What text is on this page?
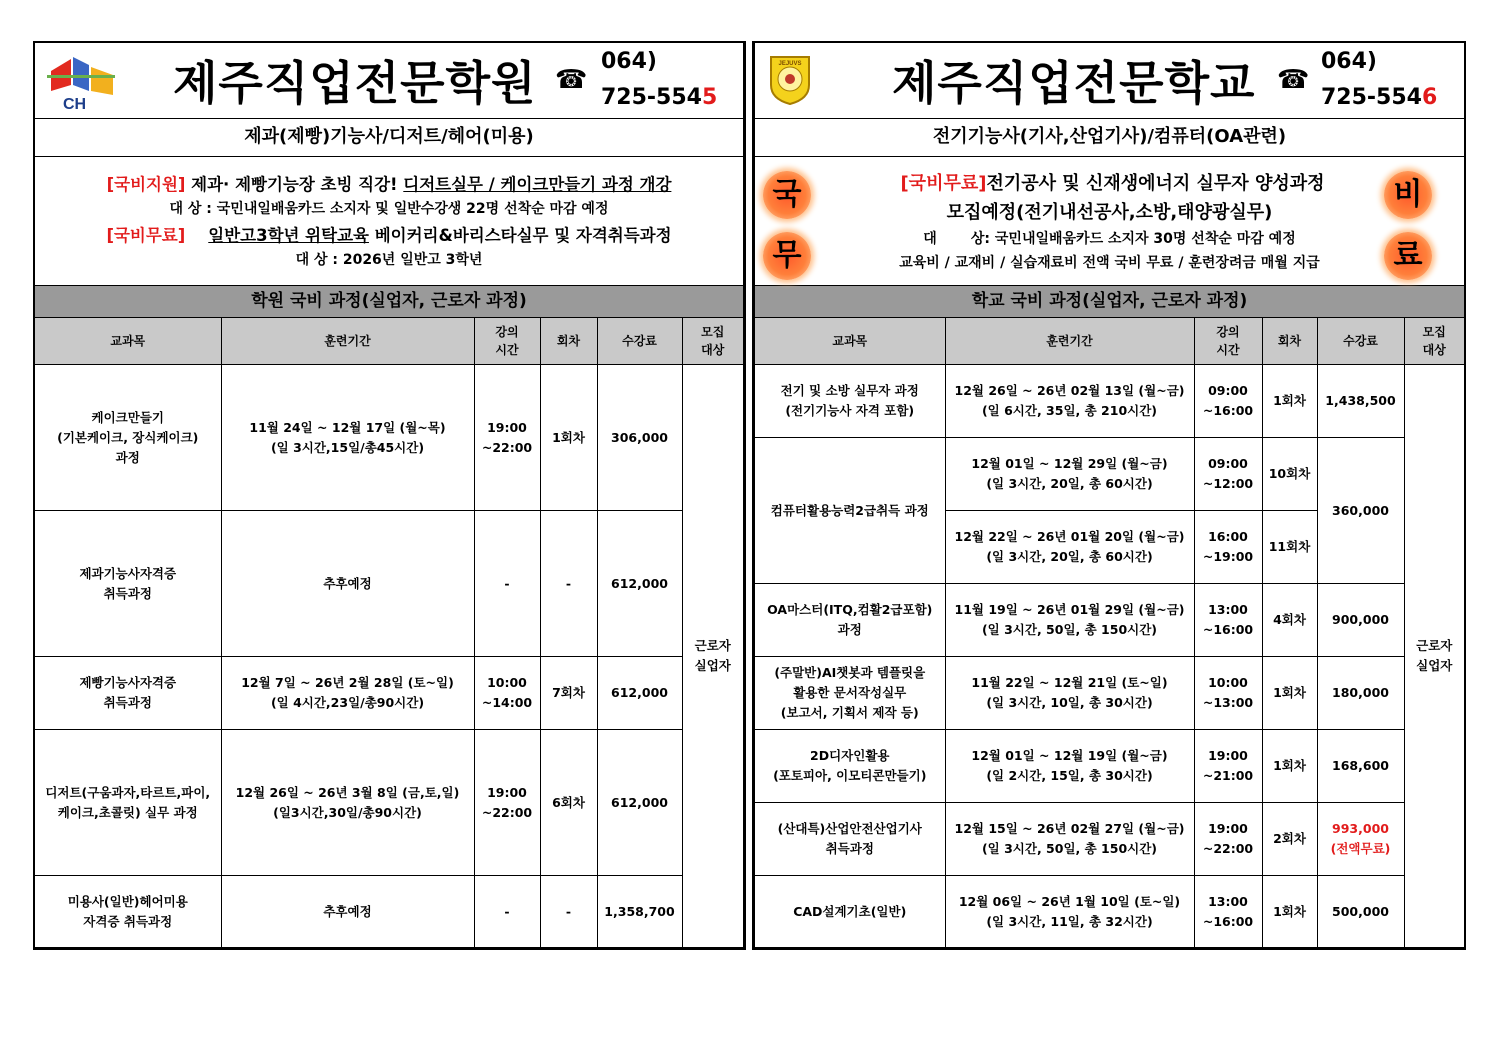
CH 제주직업전문학원 ☎
064)
725-5545
제과(제빵)기능사/디저트/헤어(미용)
[국비지원] 제과· 제빵기능장 초빙 직강! 디저트실무 / 케이크만들기 과정 개강
대 상 : 국민내일배움카드 소지자 및 일반수강생 22명 선착순 마감 예정
[국비무료] 일반고3학년 위탁교육 베이커리&바리스타실무 및 자격취득과정
대 상 : 2026년 일반고 3학년
학원 국비 과정(실업자, 근로자 과정)
교과목	훈련기간	강의
시간	회차	수강료	모집
대상
케이크만들기
(기본케이크, 장식케이크)
과정	11월 24일 ~ 12월 17일 (월~목)
(일 3시간,15일/총45시간)	19:00
~22:00	1회차	306,000	근로자
실업자
제과기능사자격증
취득과정	추후예정	-	-	612,000	
제빵기능사자격증
취득과정	12월 7일 ~ 26년 2월 28일 (토~일)
(일 4시간,23일/총90시간)	10:00
~14:00	7회차	612,000	
디저트(구움과자,타르트,파이,
케이크,초콜릿) 실무 과정	12월 26일 ~ 26년 3월 8일 (금,토,일)
(일3시간,30일/총90시간)	19:00
~22:00	6회차	612,000	
미용사(일반)헤어미용
자격증 취득과정	추후예정	-	-	1,358,700	
JEJUVS 제주직업전문학교 ☎
064)
725-5546
전기기능사(기사,산업기사)/컴퓨터(OA관련)
국
무
비
료
[국비무료]전기공사 및 신재생에너지 실무자 양성과정
모집예정(전기내선공사,소방,태양광실무)
대       상: 국민내일배움카드 소지자 30명 선착순 마감 예정
교육비 / 교재비 / 실습재료비 전액 국비 무료 / 훈련장려금 매월 지급
학교 국비 과정(실업자, 근로자 과정)
교과목	훈련기간	강의
시간	회차	수강료	모집
대상
전기 및 소방 실무자 과정
(전기기능사 자격 포함)	12월 26일 ~ 26년 02월 13일 (월~금)
(일 6시간, 35일, 총 210시간)	09:00
~16:00	1회차	1,438,500	근로자
실업자
컴퓨터활용능력2급취득 과정	12월 01일 ~ 12월 29일 (월~금)
(일 3시간, 20일, 총 60시간)	09:00
~12:00	10회차	360,000	
	12월 22일 ~ 26년 01월 20일 (월~금)
(일 3시간, 20일, 총 60시간)	16:00
~19:00	11회차		
OA마스터(ITQ,컴활2급포함)
과정	11월 19일 ~ 26년 01월 29일 (월~금)
(일 3시간, 50일, 총 150시간)	13:00
~16:00	4회차	900,000	
(주말반)AI챗봇과 템플릿을
활용한 문서작성실무
(보고서, 기획서 제작 등)	11월 22일 ~ 12월 21일 (토~일)
(일 3시간, 10일, 총 30시간)	10:00
~13:00	1회차	180,000	
2D디자인활용
(포토피아, 이모티콘만들기)	12월 01일 ~ 12월 19일 (월~금)
(일 2시간, 15일, 총 30시간)	19:00
~21:00	1회차	168,600	
(산대특)산업안전산업기사
취득과정	12월 15일 ~ 26년 02월 27일 (월~금)
(일 3시간, 50일, 총 150시간)	19:00
~22:00	2회차	993,000
(전액무료)	
CAD설계기초(일반)	12월 06일 ~ 26년 1월 10일 (토~일)
(일 3시간, 11일, 총 32시간)	13:00
~16:00	1회차	500,000	
